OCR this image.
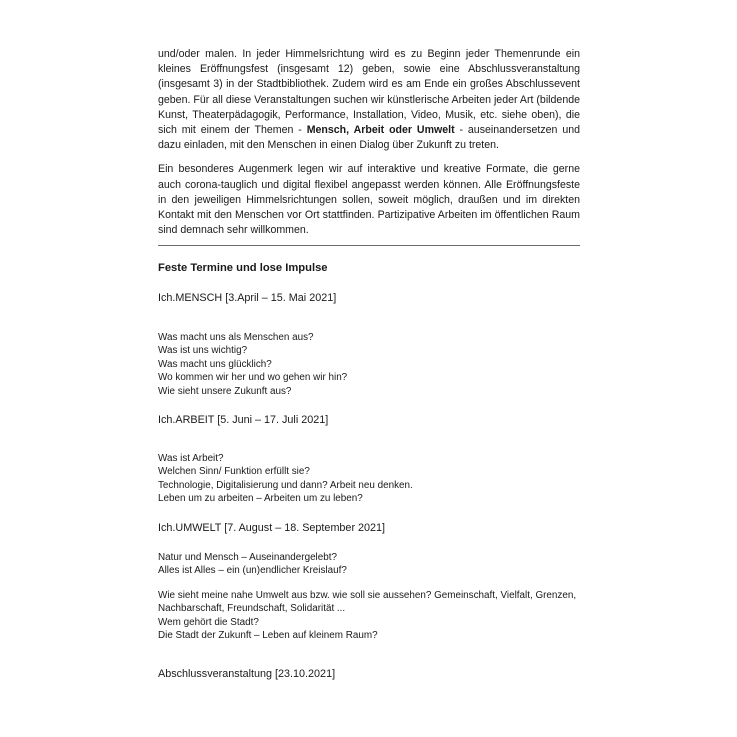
und/oder malen. In jeder Himmelsrichtung wird es zu Beginn jeder Themenrunde ein kleines Eröffnungsfest (insgesamt 12) geben, sowie eine Abschlussveranstaltung (insgesamt 3) in der Stadtbibliothek. Zudem wird es am Ende ein großes Abschlussevent geben. Für all diese Veranstaltungen suchen wir künstlerische Arbeiten jeder Art (bildende Kunst, Theaterpädagogik, Performance, Installation, Video, Musik, etc. siehe oben), die sich mit einem der Themen - Mensch, Arbeit oder Umwelt - auseinandersetzen und dazu einladen, mit den Menschen in einen Dialog über Zukunft zu treten.

Ein besonderes Augenmerk legen wir auf interaktive und kreative Formate, die gerne auch corona-tauglich und digital flexibel angepasst werden können. Alle Eröffnungsfeste in den jeweiligen Himmelsrichtungen sollen, soweit möglich, draußen und im direkten Kontakt mit den Menschen vor Ort stattfinden. Partizipative Arbeiten im öffentlichen Raum sind demnach sehr willkommen.

Feste Termine und lose Impulse

Ich.MENSCH [3.April – 15. Mai 2021]

Was macht uns als Menschen aus?
Was ist uns wichtig?
Was macht uns glücklich?
Wo kommen wir her und wo gehen wir hin?
Wie sieht unsere Zukunft aus?

Ich.ARBEIT [5. Juni – 17. Juli 2021]

Was ist Arbeit?
Welchen Sinn/ Funktion erfüllt sie?
Technologie, Digitalisierung und dann? Arbeit neu denken.
Leben um zu arbeiten – Arbeiten um zu leben?

Ich.UMWELT [7. August – 18. September 2021]

Natur und Mensch – Auseinandergelebt?
Alles ist Alles – ein (un)endlicher Kreislauf?
Wie sieht meine nahe Umwelt aus bzw. wie soll sie aussehen? Gemeinschaft, Vielfalt, Grenzen,
Nachbarschaft, Freundschaft, Solidarität ...
Wem gehört die Stadt?
Die Stadt der Zukunft – Leben auf kleinem Raum?

Abschlussveranstaltung [23.10.2021]
